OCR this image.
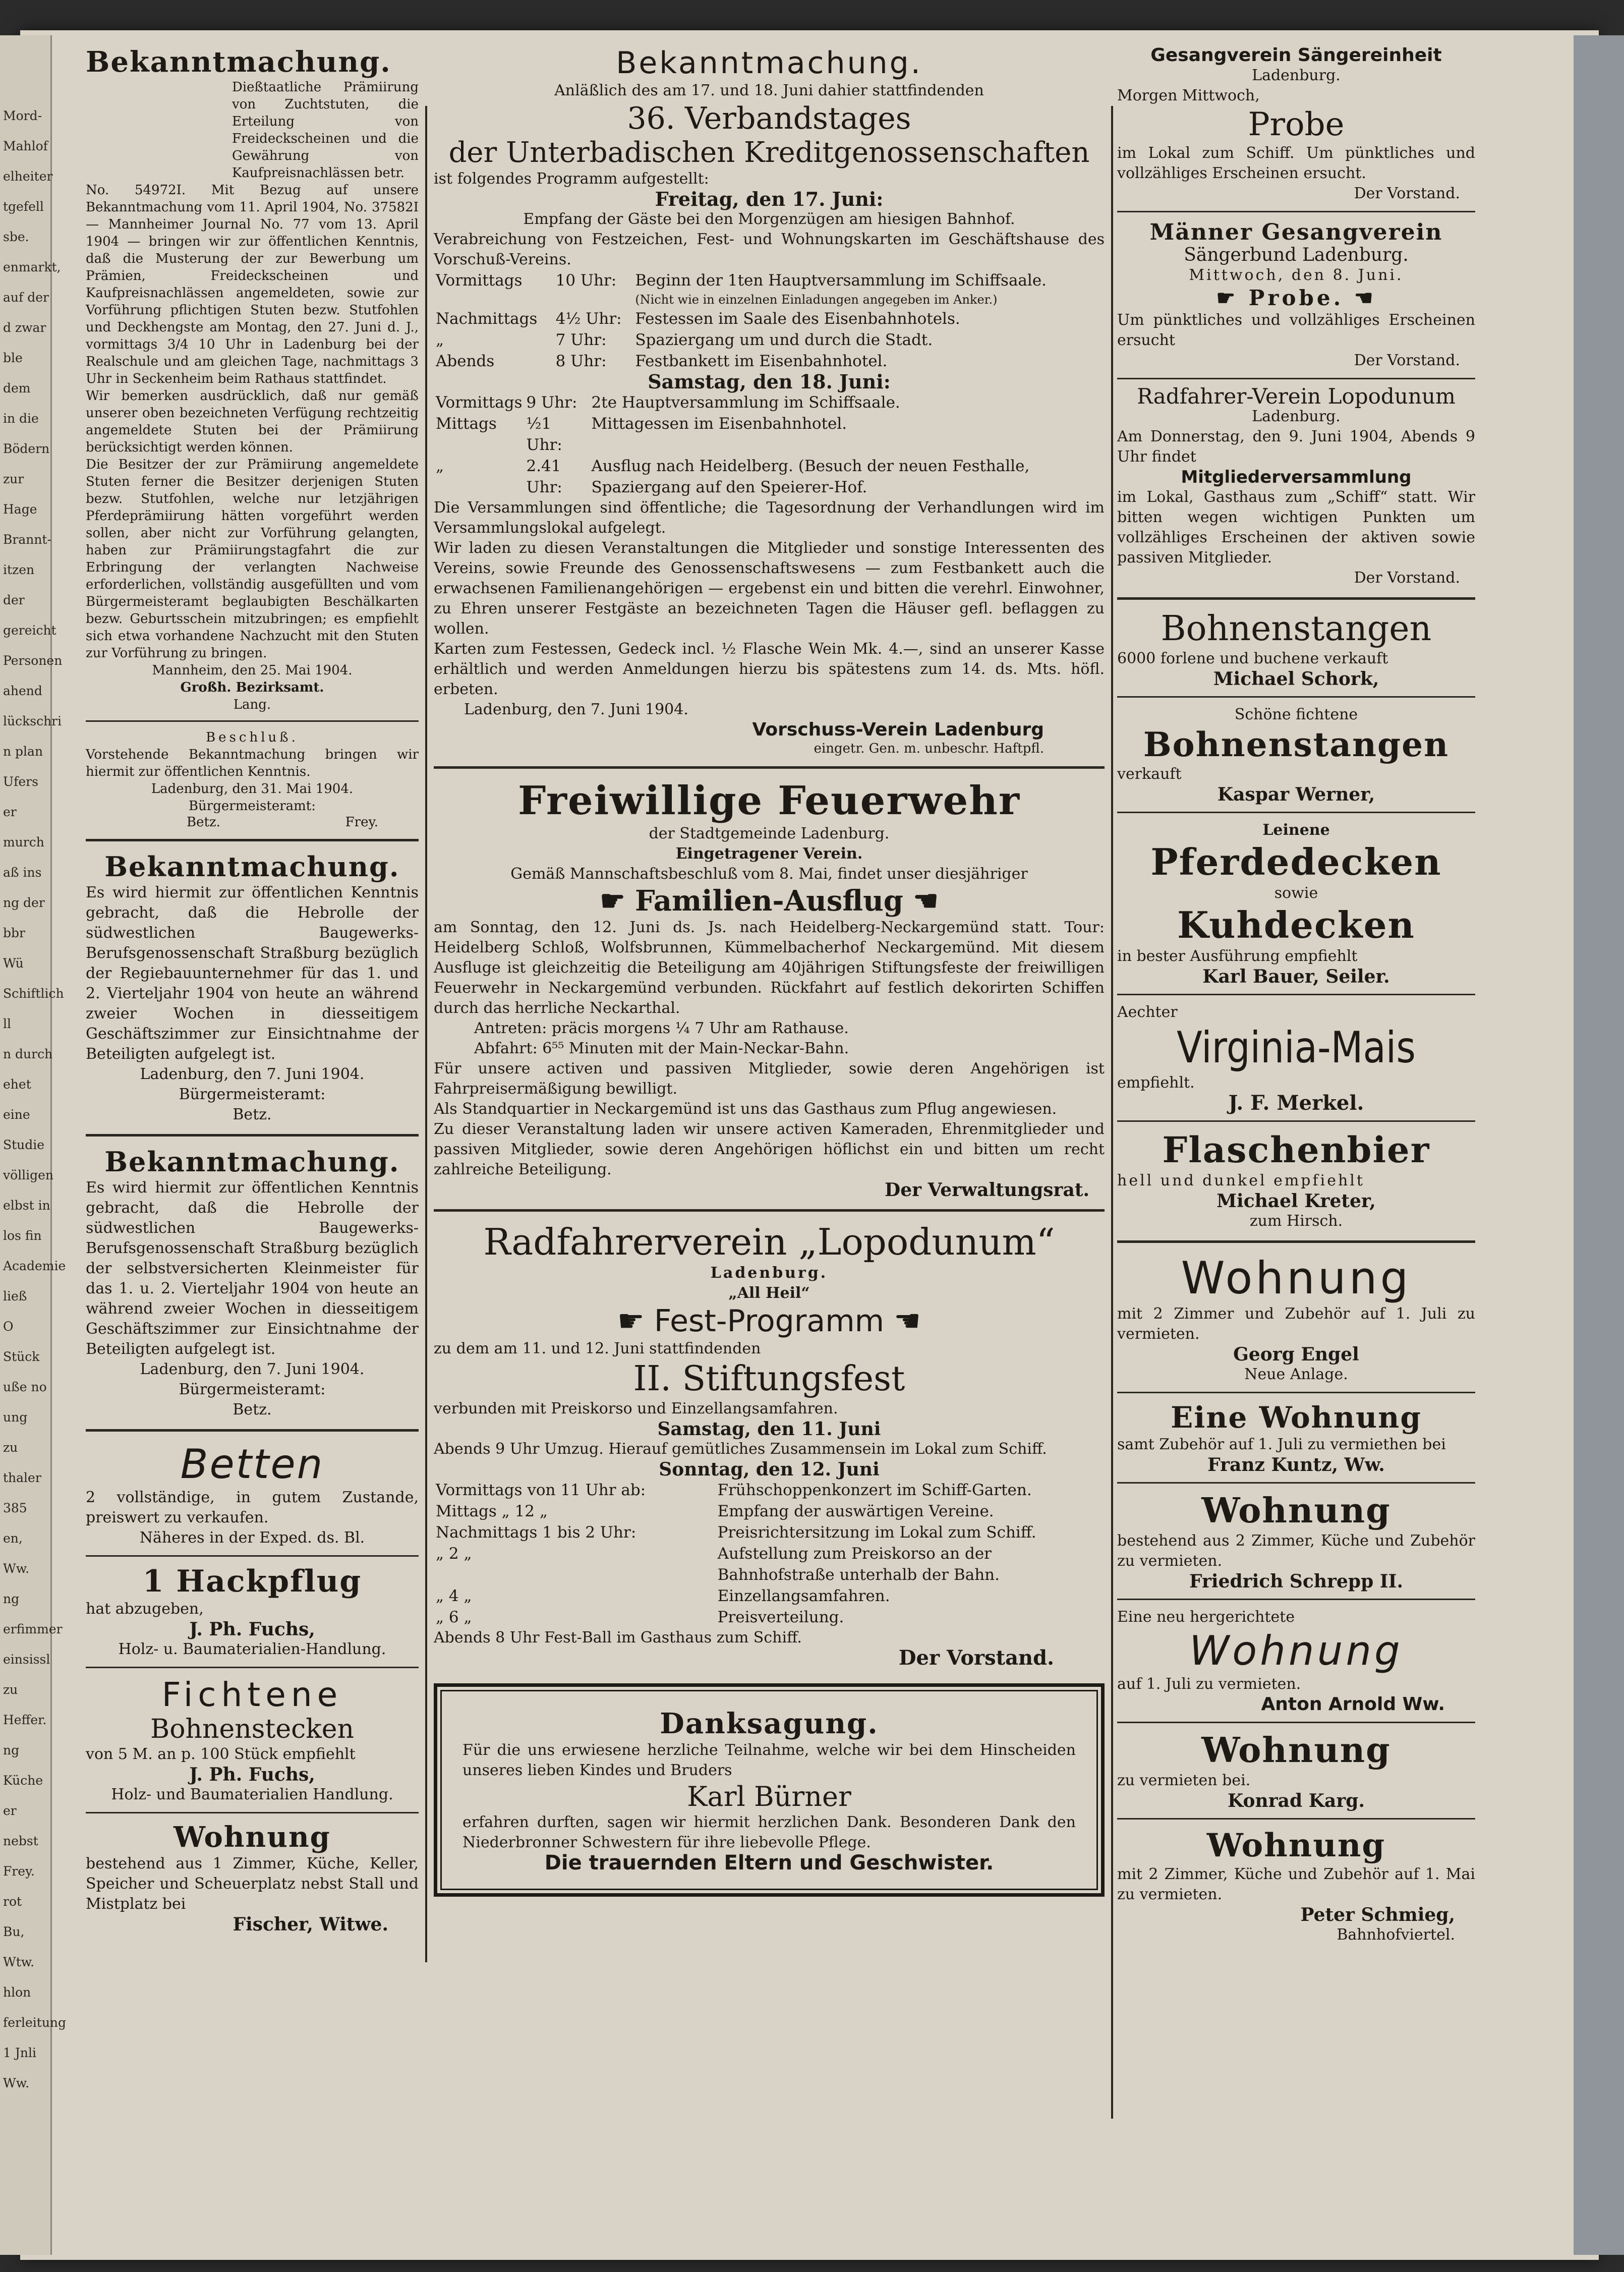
Mord-
Mahlof
elheiter
tgefell
sbe.
enmarkt,
auf der
d zwar
ble dem
in die
Bödern
zur Hage
Brannt-
itzen der
gereicht
Personen
ahend
lückschri
n plan
Ufers
er murch
aß ins
ng der
bbr
Wü
Schiftlich
ll
n durch
ehet eine
Studie
völligen
elbst in
los fin
Academie
ließ
O Stück
uße no
ung
zu
thaler
385
en,
Ww.
ng
erfimmer
einsissl
zu
Heffer.
ng
Küche
er nebst
Frey.
rot
Bu,
Wtw.
hlon
ferleitung
1 Jnli
Ww.
Bekanntmachung.

Dießtaatliche Prämiirung von Zuchtstuten, die Erteilung von Freideckscheinen und die Gewährung von Kaufpreisnachlässen betr.

No. 54972I. Mit Bezug auf unsere Bekanntmachung vom 11. April 1904, No. 37582I — Mannheimer Journal No. 77 vom 13. April 1904 — bringen wir zur öffentlichen Kenntnis, daß die Musterung der zur Bewerbung um Prämien, Freideckscheinen und Kaufpreisnachlässen angemeldeten, sowie zur Vorführung pflichtigen Stuten bezw. Stutfohlen und Deckhengste am Montag, den 27. Juni d. J., vormittags 3/4 10 Uhr in Ladenburg bei der Realschule und am gleichen Tage, nachmittags 3 Uhr in Seckenheim beim Rathaus stattfindet.

Wir bemerken ausdrücklich, daß nur gemäß unserer oben bezeichneten Verfügung rechtzeitig angemeldete Stuten bei der Prämiirung berücksichtigt werden können.

Die Besitzer der zur Prämiirung angemeldete Stuten ferner die Besitzer derjenigen Stuten bezw. Stutfohlen, welche nur letzjährigen Pferdeprämiirung hätten vorgeführt werden sollen, aber nicht zur Vorführung gelangten, haben zur Prämiirungstagfahrt die zur Erbringung der verlangten Nachweise erforderlichen, vollständig ausgefüllten und vom Bürgermeisteramt beglaubigten Beschälkarten bezw. Geburtsschein mitzubringen; es empfiehlt sich etwa vorhandene Nachzucht mit den Stuten zur Vorführung zu bringen.

Mannheim, den 25. Mai 1904.

Großh. Bezirksamt.

Lang.

Beschluß.

Vorstehende Bekanntmachung bringen wir hiermit zur öffentlichen Kenntnis.

Ladenburg, den 31. Mai 1904.

Bürgermeisteramt:

Betz.	Frey.
Bekanntmachung.

Es wird hiermit zur öffentlichen Kenntnis gebracht, daß die Hebrolle der südwestlichen Baugewerks-Berufsgenossenschaft Straßburg bezüglich der Regiebauunternehmer für das 1. und 2. Vierteljahr 1904 von heute an während zweier Wochen in diesseitigem Geschäftszimmer zur Einsichtnahme der Beteiligten aufgelegt ist.

Ladenburg, den 7. Juni 1904.

Bürgermeisteramt:

Betz.

Bekanntmachung.

Es wird hiermit zur öffentlichen Kenntnis gebracht, daß die Hebrolle der südwestlichen Baugewerks-Berufsgenossenschaft Straßburg bezüglich der selbstversicherten Kleinmeister für das 1. u. 2. Vierteljahr 1904 von heute an während zweier Wochen in diesseitigem Geschäftszimmer zur Einsichtnahme der Beteiligten aufgelegt ist.

Ladenburg, den 7. Juni 1904.

Bürgermeisteramt:

Betz.

Betten

2 vollständige, in gutem Zustande, preiswert zu verkaufen.

Näheres in der Exped. ds. Bl.

1 Hackpflug

hat abzugeben,

J. Ph. Fuchs,

Holz- u. Baumaterialien-Handlung.

Fichtene
Bohnenstecken

von 5 M. an p. 100 Stück empfiehlt

J. Ph. Fuchs,

Holz- und Baumaterialien Handlung.

Wohnung

bestehend aus 1 Zimmer, Küche, Keller, Speicher und Scheuerplatz nebst Stall und Mistplatz bei

Fischer, Witwe.

Bekanntmachung.

Anläßlich des am 17. und 18. Juni dahier stattfindenden

36. Verbandstages
der Unterbadischen Kreditgenossenschaften

ist folgendes Programm aufgestellt:

Freitag, den 17. Juni:

Empfang der Gäste bei den Morgenzügen am hiesigen Bahnhof.

Verabreichung von Festzeichen, Fest- und Wohnungskarten im Geschäftshause des Vorschuß-Vereins.

Vormittags	10 Uhr:	Beginn der 1ten Hauptversammlung im Schiffsaale.
		(Nicht wie in einzelnen Einladungen angegeben im Anker.)
Nachmittags	4½ Uhr:	Festessen im Saale des Eisenbahnhotels.
„	7 Uhr:	Spaziergang um und durch die Stadt.
Abends	8 Uhr:	Festbankett im Eisenbahnhotel.

Samstag, den 18. Juni:

Vormittags	9 Uhr:	2te Hauptversammlung im Schiffsaale.
Mittags	½1 Uhr:	Mittagessen im Eisenbahnhotel.
„	2.41 Uhr:	Ausflug nach Heidelberg. (Besuch der neuen Festhalle, Spaziergang auf den Speierer-Hof.

Die Versammlungen sind öffentliche; die Tagesordnung der Verhandlungen wird im Versammlungslokal aufgelegt.

Wir laden zu diesen Veranstaltungen die Mitglieder und sonstige Interessenten des Vereins, sowie Freunde des Genossenschaftswesens — zum Festbankett auch die erwachsenen Familienangehörigen — ergebenst ein und bitten die verehrl. Einwohner, zu Ehren unserer Festgäste an bezeichneten Tagen die Häuser gefl. beflaggen zu wollen.

Karten zum Festessen, Gedeck incl. ½ Flasche Wein Mk. 4.—, sind an unserer Kasse erhältlich und werden Anmeldungen hierzu bis spätestens zum 14. ds. Mts. höfl. erbeten.

Ladenburg, den 7. Juni 1904.

Vorschuss-Verein Ladenburg

eingetr. Gen. m. unbeschr. Haftpfl.

Freiwillige Feuerwehr

der Stadtgemeinde Ladenburg.

Eingetragener Verein.

Gemäß Mannschaftsbeschluß vom 8. Mai, findet unser diesjähriger

☛ Familien-Ausflug ☚

am Sonntag, den 12. Juni ds. Js. nach Heidelberg-Neckargemünd statt. Tour: Heidelberg Schloß, Wolfsbrunnen, Kümmelbacherhof Neckargemünd. Mit diesem Ausfluge ist gleichzeitig die Beteiligung am 40jährigen Stiftungsfeste der freiwilligen Feuerwehr in Neckargemünd verbunden. Rückfahrt auf festlich dekorirten Schiffen durch das herrliche Neckarthal.

Antreten: präcis morgens ¼ 7 Uhr am Rathause.

Abfahrt: 6⁵⁵ Minuten mit der Main-Neckar-Bahn.

Für unsere activen und passiven Mitglieder, sowie deren Angehörigen ist Fahrpreisermäßigung bewilligt.

Als Standquartier in Neckargemünd ist uns das Gasthaus zum Pflug angewiesen.

Zu dieser Veranstaltung laden wir unsere activen Kameraden, Ehrenmitglieder und passiven Mitglieder, sowie deren Angehörigen höflichst ein und bitten um recht zahlreiche Beteiligung.

Der Verwaltungsrat.

Radfahrerverein „Lopodunum“

Ladenburg.

„All Heil“

☛ Fest-Programm ☚

zu dem am 11. und 12. Juni stattfindenden

II. Stiftungsfest

verbunden mit Preiskorso und Einzellangsamfahren.

Samstag, den 11. Juni

Abends 9 Uhr Umzug. Hierauf gemütliches Zusammensein im Lokal zum Schiff.

Sonntag, den 12. Juni

Vormittags von 11 Uhr ab:	Frühschoppenkonzert im Schiff-Garten.
Mittags „ 12 „	Empfang der auswärtigen Vereine.
Nachmittags 1 bis 2 Uhr:	Preisrichtersitzung im Lokal zum Schiff.
„ 2 „	Aufstellung zum Preiskorso an der Bahnhofstraße unterhalb der Bahn.
„ 4 „	Einzellangsamfahren.
„ 6 „	Preisverteilung.

Abends 8 Uhr Fest-Ball im Gasthaus zum Schiff.

Der Vorstand.

Danksagung.

Für die uns erwiesene herzliche Teilnahme, welche wir bei dem Hinscheiden unseres lieben Kindes und Bruders

Karl Bürner

erfahren durften, sagen wir hiermit herzlichen Dank. Besonderen Dank den Niederbronner Schwestern für ihre liebevolle Pflege.

Die trauernden Eltern und Geschwister.

Gesangverein Sängereinheit

Ladenburg.

Morgen Mittwoch,

Probe

im Lokal zum Schiff. Um pünktliches und vollzähliges Erscheinen ersucht.

Der Vorstand.

Männer Gesangverein

Sängerbund Ladenburg.

Mittwoch, den 8. Juni.

☛ Probe. ☚

Um pünktliches und vollzähliges Erscheinen ersucht

Der Vorstand.

Radfahrer-Verein Lopodunum

Ladenburg.

Am Donnerstag, den 9. Juni 1904, Abends 9 Uhr findet

Mitgliederversammlung

im Lokal, Gasthaus zum „Schiff“ statt. Wir bitten wegen wichtigen Punkten um vollzähliges Erscheinen der aktiven sowie passiven Mitglieder.

Der Vorstand.

Bohnenstangen

6000 forlene und buchene verkauft

Michael Schork,

Schöne fichtene

Bohnenstangen

verkauft

Kaspar Werner,

Leinene

Pferdedecken

sowie

Kuhdecken

in bester Ausführung empfiehlt

Karl Bauer, Seiler.

Aechter

Virginia-Mais

empfiehlt.

J. F. Merkel.

Flaschenbier

hell und dunkel empfiehlt

Michael Kreter,

zum Hirsch.

Wohnung

mit 2 Zimmer und Zubehör auf 1. Juli zu vermieten.

Georg Engel

Neue Anlage.

Eine Wohnung

samt Zubehör auf 1. Juli zu vermiethen bei

Franz Kuntz, Ww.

Wohnung

bestehend aus 2 Zimmer, Küche und Zubehör zu vermieten.

Friedrich Schrepp II.

Eine neu hergerichtete

Wohnung

auf 1. Juli zu vermieten.

Anton Arnold Ww.

Wohnung

zu vermieten bei.

Konrad Karg.

Wohnung

mit 2 Zimmer, Küche und Zubehör auf 1. Mai zu vermieten.

Peter Schmieg,

Bahnhofviertel.
